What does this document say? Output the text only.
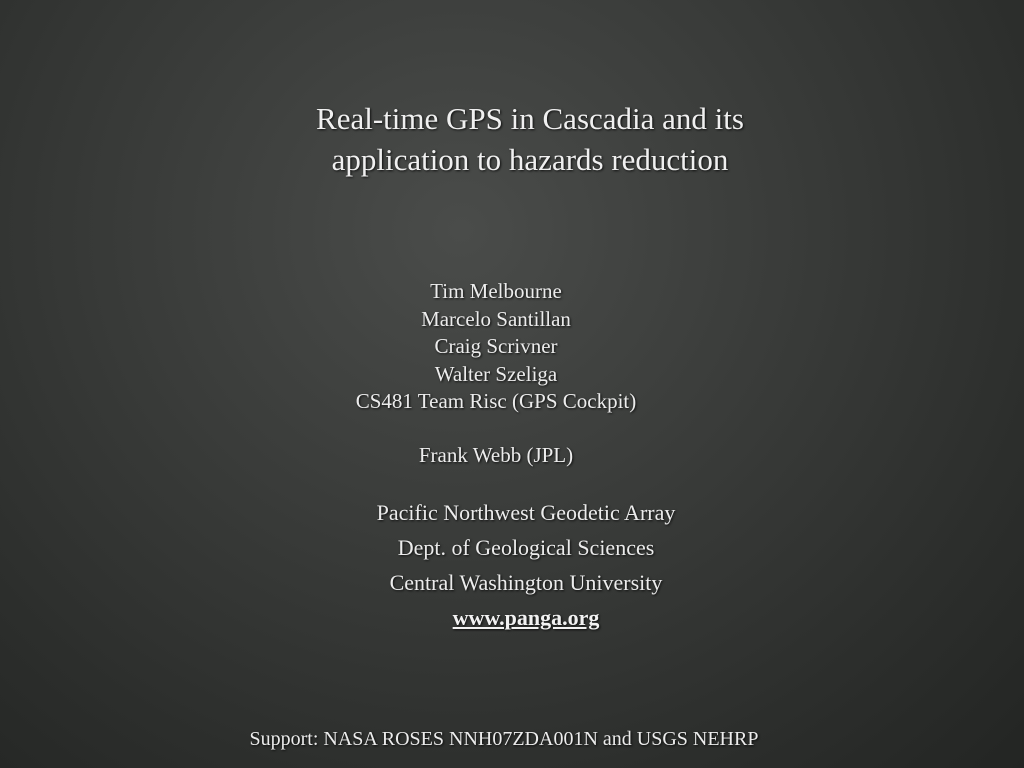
Real-time GPS in Cascadia and its
application to hazards reduction
Tim Melbourne
Marcelo Santillan
Craig Scrivner
Walter Szeliga
CS481 Team Risc (GPS Cockpit)
Frank Webb (JPL)
Pacific Northwest Geodetic Array
Dept. of Geological Sciences
Central Washington University
www.panga.org
Support: NASA ROSES NNH07ZDA001N and USGS NEHRP
